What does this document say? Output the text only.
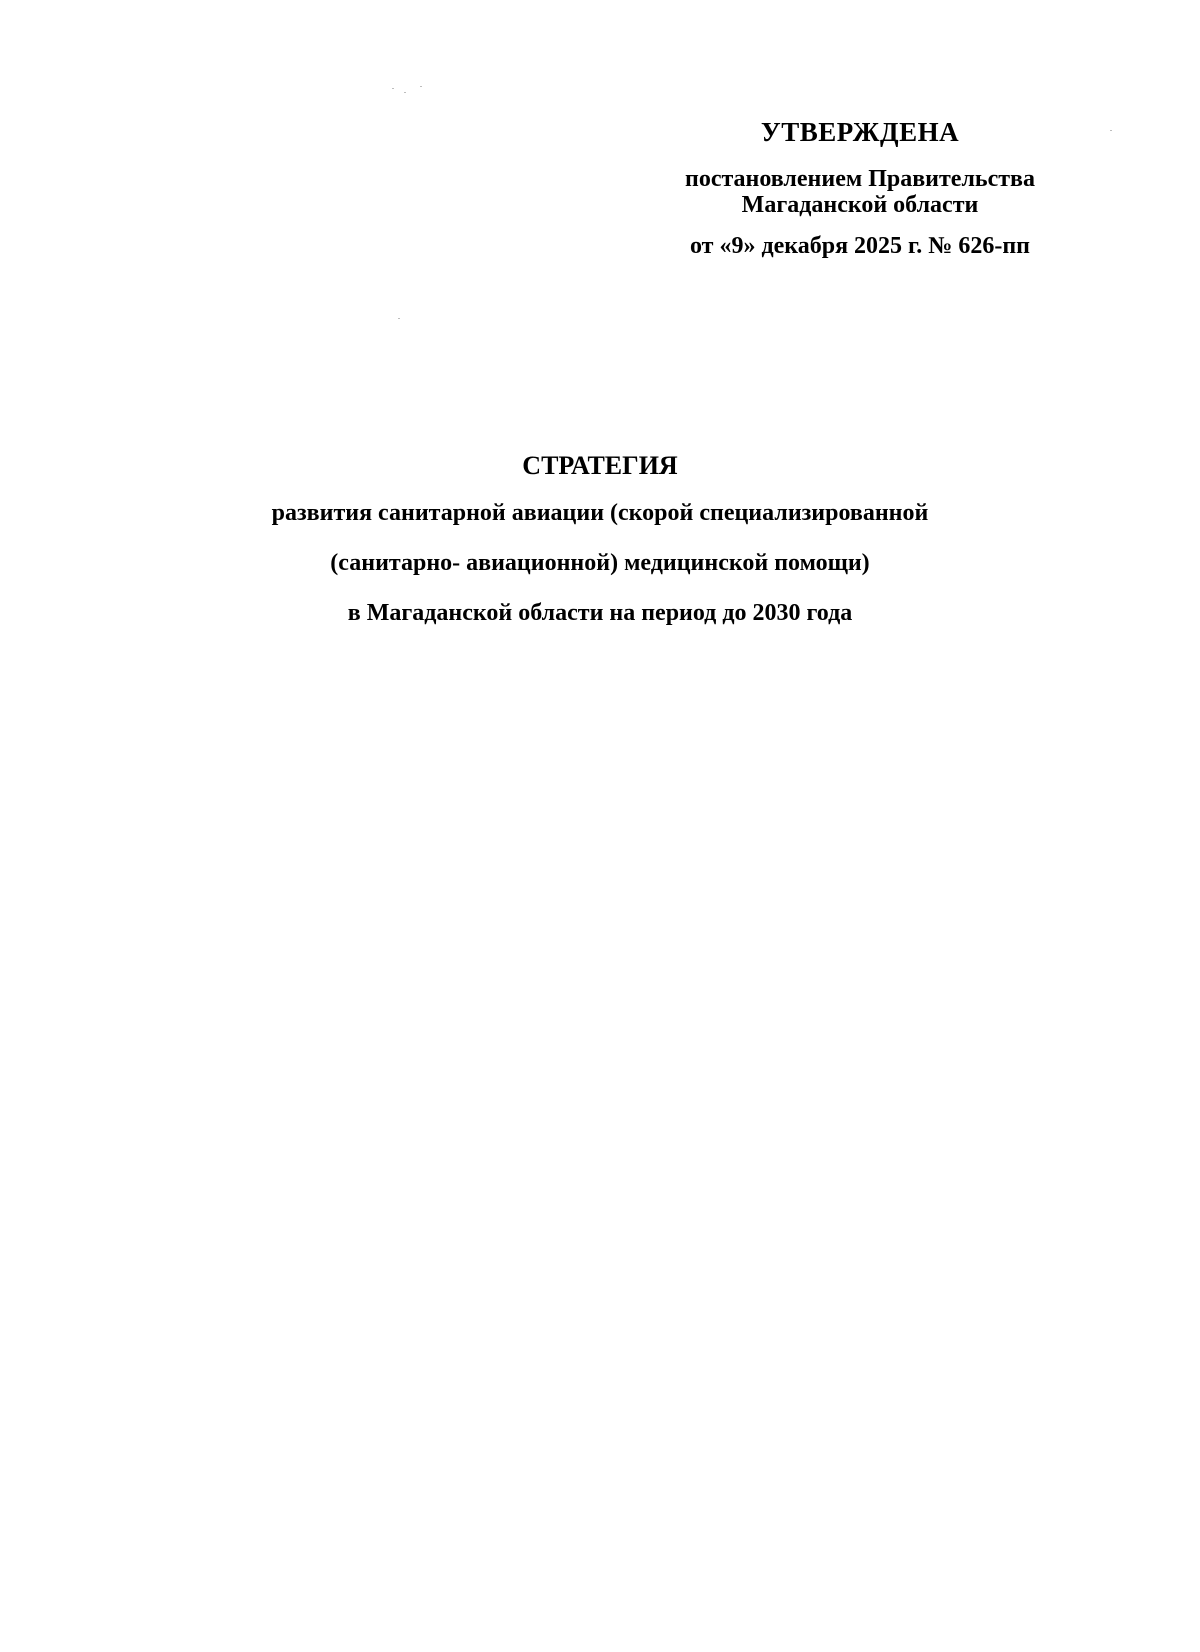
УТВЕРЖДЕНА
постановлением Правительства
Магаданской области
от «9» декабря 2025 г. № 626-пп
СТРАТЕГИЯ
развития санитарной авиации (скорой специализированной
(санитарно- авиационной) медицинской помощи)
в Магаданской области на период до 2030 года
